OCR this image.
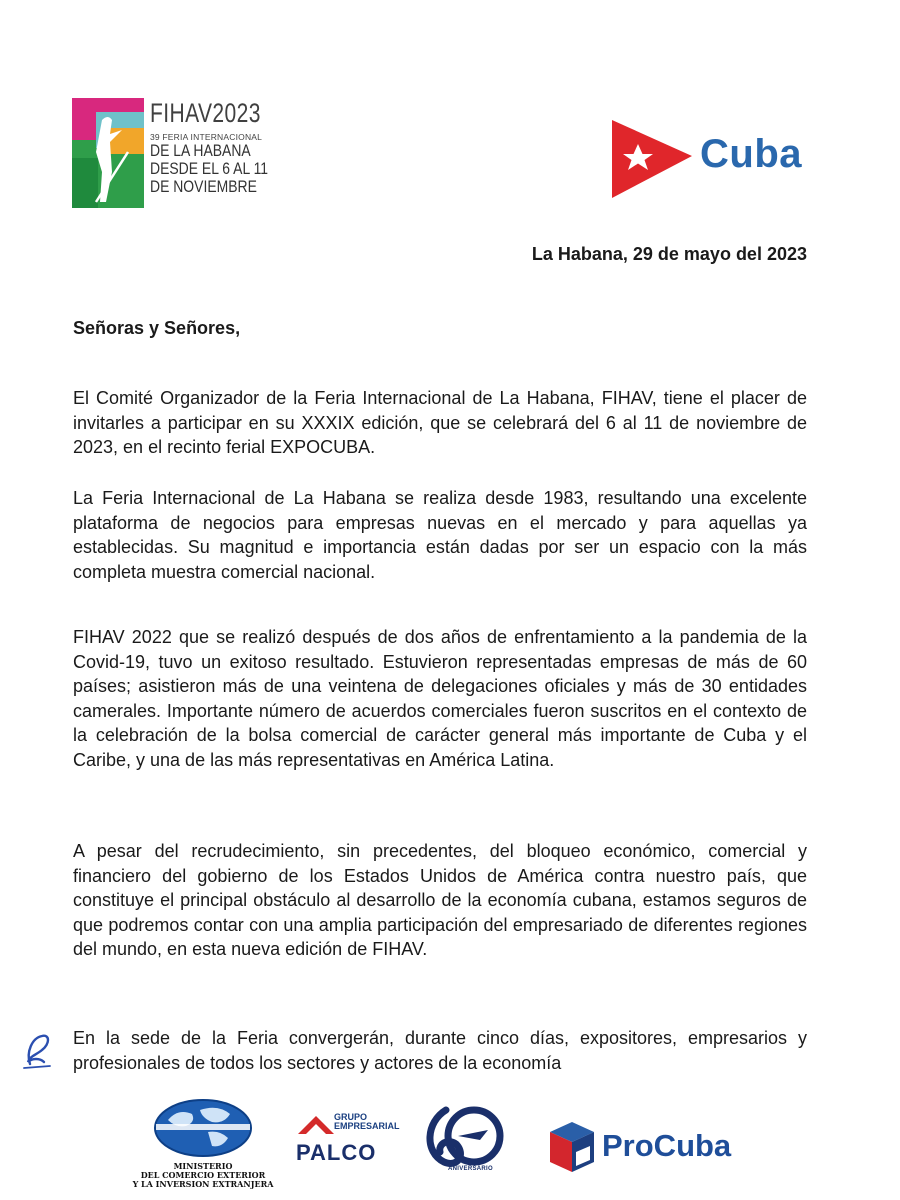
FIHAV2023
39 FERIA INTERNACIONAL
DE LA HABANA
DESDE EL 6 AL 11
DE NOVIEMBRE
Cuba
La Habana, 29 de mayo del 2023
Señoras y Señores,
El Comité Organizador de la Feria Internacional de La Habana, FIHAV, tiene el placer de invitarles a participar en su XXXIX edición, que se celebrará del 6 al 11 de noviembre de 2023, en el recinto ferial EXPOCUBA.
La Feria Internacional de La Habana se realiza desde 1983, resultando una excelente plataforma de negocios para empresas nuevas en el mercado y para aquellas ya establecidas. Su magnitud e importancia están dadas por ser un espacio con la más completa muestra comercial nacional.
FIHAV 2022 que se realizó después de dos años de enfrentamiento a la pandemia de la Covid-19, tuvo un exitoso resultado. Estuvieron representadas empresas de más de 60 países; asistieron más de una veintena de delegaciones oficiales y más de 30 entidades camerales. Importante número de acuerdos comerciales fueron suscritos en el contexto de la celebración de la bolsa comercial de carácter general más importante de Cuba y el Caribe, y una de las más representativas en América Latina.
A pesar del recrudecimiento, sin precedentes, del bloqueo económico, comercial y financiero del gobierno de los Estados Unidos de América contra nuestro país, que constituye el principal obstáculo al desarrollo de la economía cubana, estamos seguros de que podremos contar con una amplia participación del empresariado de diferentes regiones del mundo, en esta nueva edición de FIHAV.
En la sede de la Feria convergerán, durante cinco días, expositores, empresarios y profesionales de todos los sectores y actores de la economía
MINISTERIO
DEL COMERCIO EXTERIOR
Y LA INVERSION EXTRANJERA
GRUPO
EMPRESARIAL
PALCO
ANIVERSARIO
ProCuba
